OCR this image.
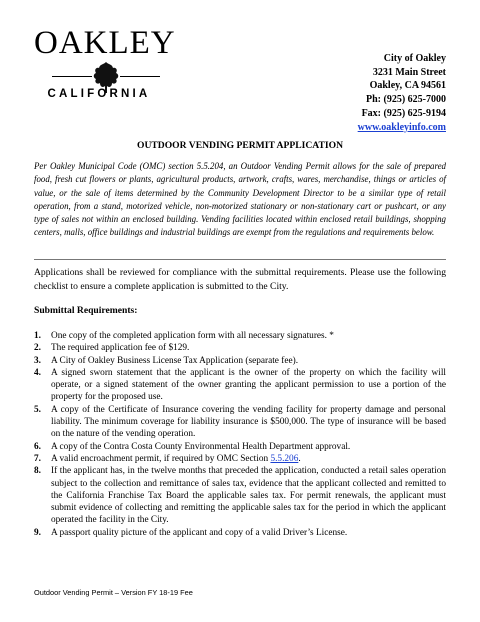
OAKLEY
CALIFORNIA
City of Oakley
3231 Main Street
Oakley, CA 94561
Ph: (925) 625-7000
Fax: (925) 625-9194
www.oakleyinfo.com
OUTDOOR VENDING PERMIT APPLICATION
Per Oakley Municipal Code (OMC) section 5.5.204, an Outdoor Vending Permit allows for the sale of prepared food, fresh cut flowers or plants, agricultural products, artwork, crafts, wares, merchandise, things or articles of value, or the sale of items determined by the Community Development Director to be a similar type of retail operation, from a stand, motorized vehicle, non-motorized stationary or non-stationary cart or pushcart, or any type of sales not within an enclosed building. Vending facilities located within enclosed retail buildings, shopping centers, malls, office buildings and industrial buildings are exempt from the regulations and requirements below.
Applications shall be reviewed for compliance with the submittal requirements. Please use the following checklist to ensure a complete application is submitted to the City.
Submittal Requirements:
1. One copy of the completed application form with all necessary signatures. *
2. The required application fee of $129.
3. A City of Oakley Business License Tax Application (separate fee).
4. A signed sworn statement that the applicant is the owner of the property on which the facility will operate, or a signed statement of the owner granting the applicant permission to use a portion of the property for the proposed use.
5. A copy of the Certificate of Insurance covering the vending facility for property damage and personal liability. The minimum coverage for liability insurance is $500,000. The type of insurance will be based on the nature of the vending operation.
6. A copy of the Contra Costa County Environmental Health Department approval.
7. A valid encroachment permit, if required by OMC Section 5.5.206.
8. If the applicant has, in the twelve months that preceded the application, conducted a retail sales operation subject to the collection and remittance of sales tax, evidence that the applicant collected and remitted to the California Franchise Tax Board the applicable sales tax. For permit renewals, the applicant must submit evidence of collecting and remitting the applicable sales tax for the period in which the applicant operated the facility in the City.
9. A passport quality picture of the applicant and copy of a valid Driver’s License.
Outdoor Vending Permit – Version FY 18-19 Fee
